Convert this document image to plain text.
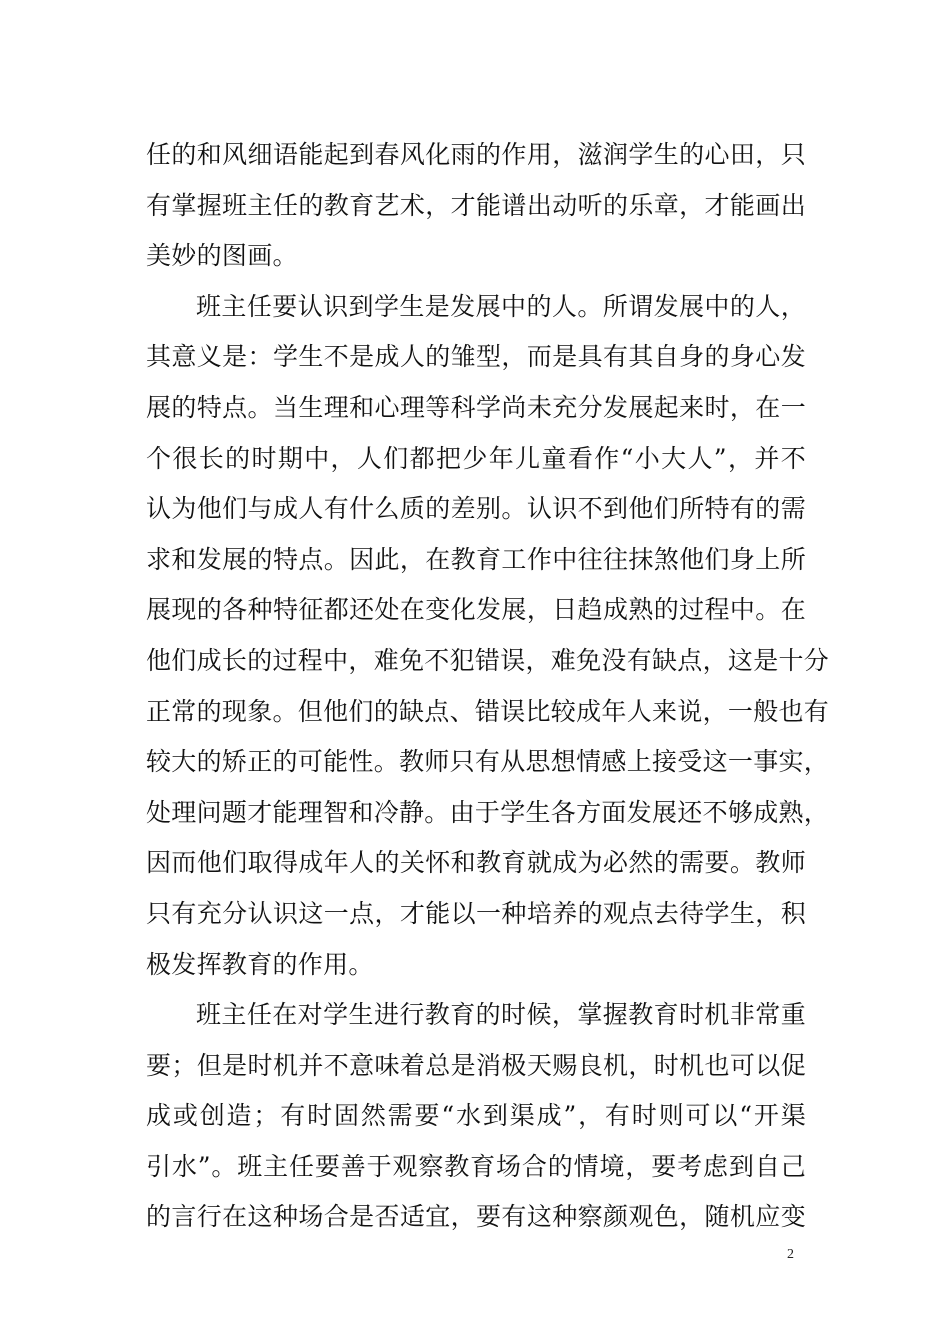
任的和风细语能起到春风化雨的作用，滋润学生的心田，只
有掌握班主任的教育艺术，才能谱出动听的乐章，才能画出
美妙的图画。
班主任要认识到学生是发展中的人。所谓发展中的人，
其意义是：学生不是成人的雏型，而是具有其自身的身心发
展的特点。当生理和心理等科学尚未充分发展起来时，在一
个很长的时期中，人们都把少年儿童看作“小大人”，并不
认为他们与成人有什么质的差别。认识不到他们所特有的需
求和发展的特点。因此，在教育工作中往往抹煞他们身上所
展现的各种特征都还处在变化发展，日趋成熟的过程中。在
他们成长的过程中，难免不犯错误，难免没有缺点，这是十分
正常的现象。但他们的缺点、错误比较成年人来说，一般也有
较大的矫正的可能性。教师只有从思想情感上接受这一事实，
处理问题才能理智和冷静。由于学生各方面发展还不够成熟，
因而他们取得成年人的关怀和教育就成为必然的需要。教师
只有充分认识这一点，才能以一种培养的观点去待学生，积
极发挥教育的作用。
班主任在对学生进行教育的时候，掌握教育时机非常重
要；但是时机并不意味着总是消极天赐良机，时机也可以促
成或创造；有时固然需要“水到渠成”，有时则可以“开渠
引水”。班主任要善于观察教育场合的情境，要考虑到自己
的言行在这种场合是否适宜，要有这种察颜观色，随机应变
2
